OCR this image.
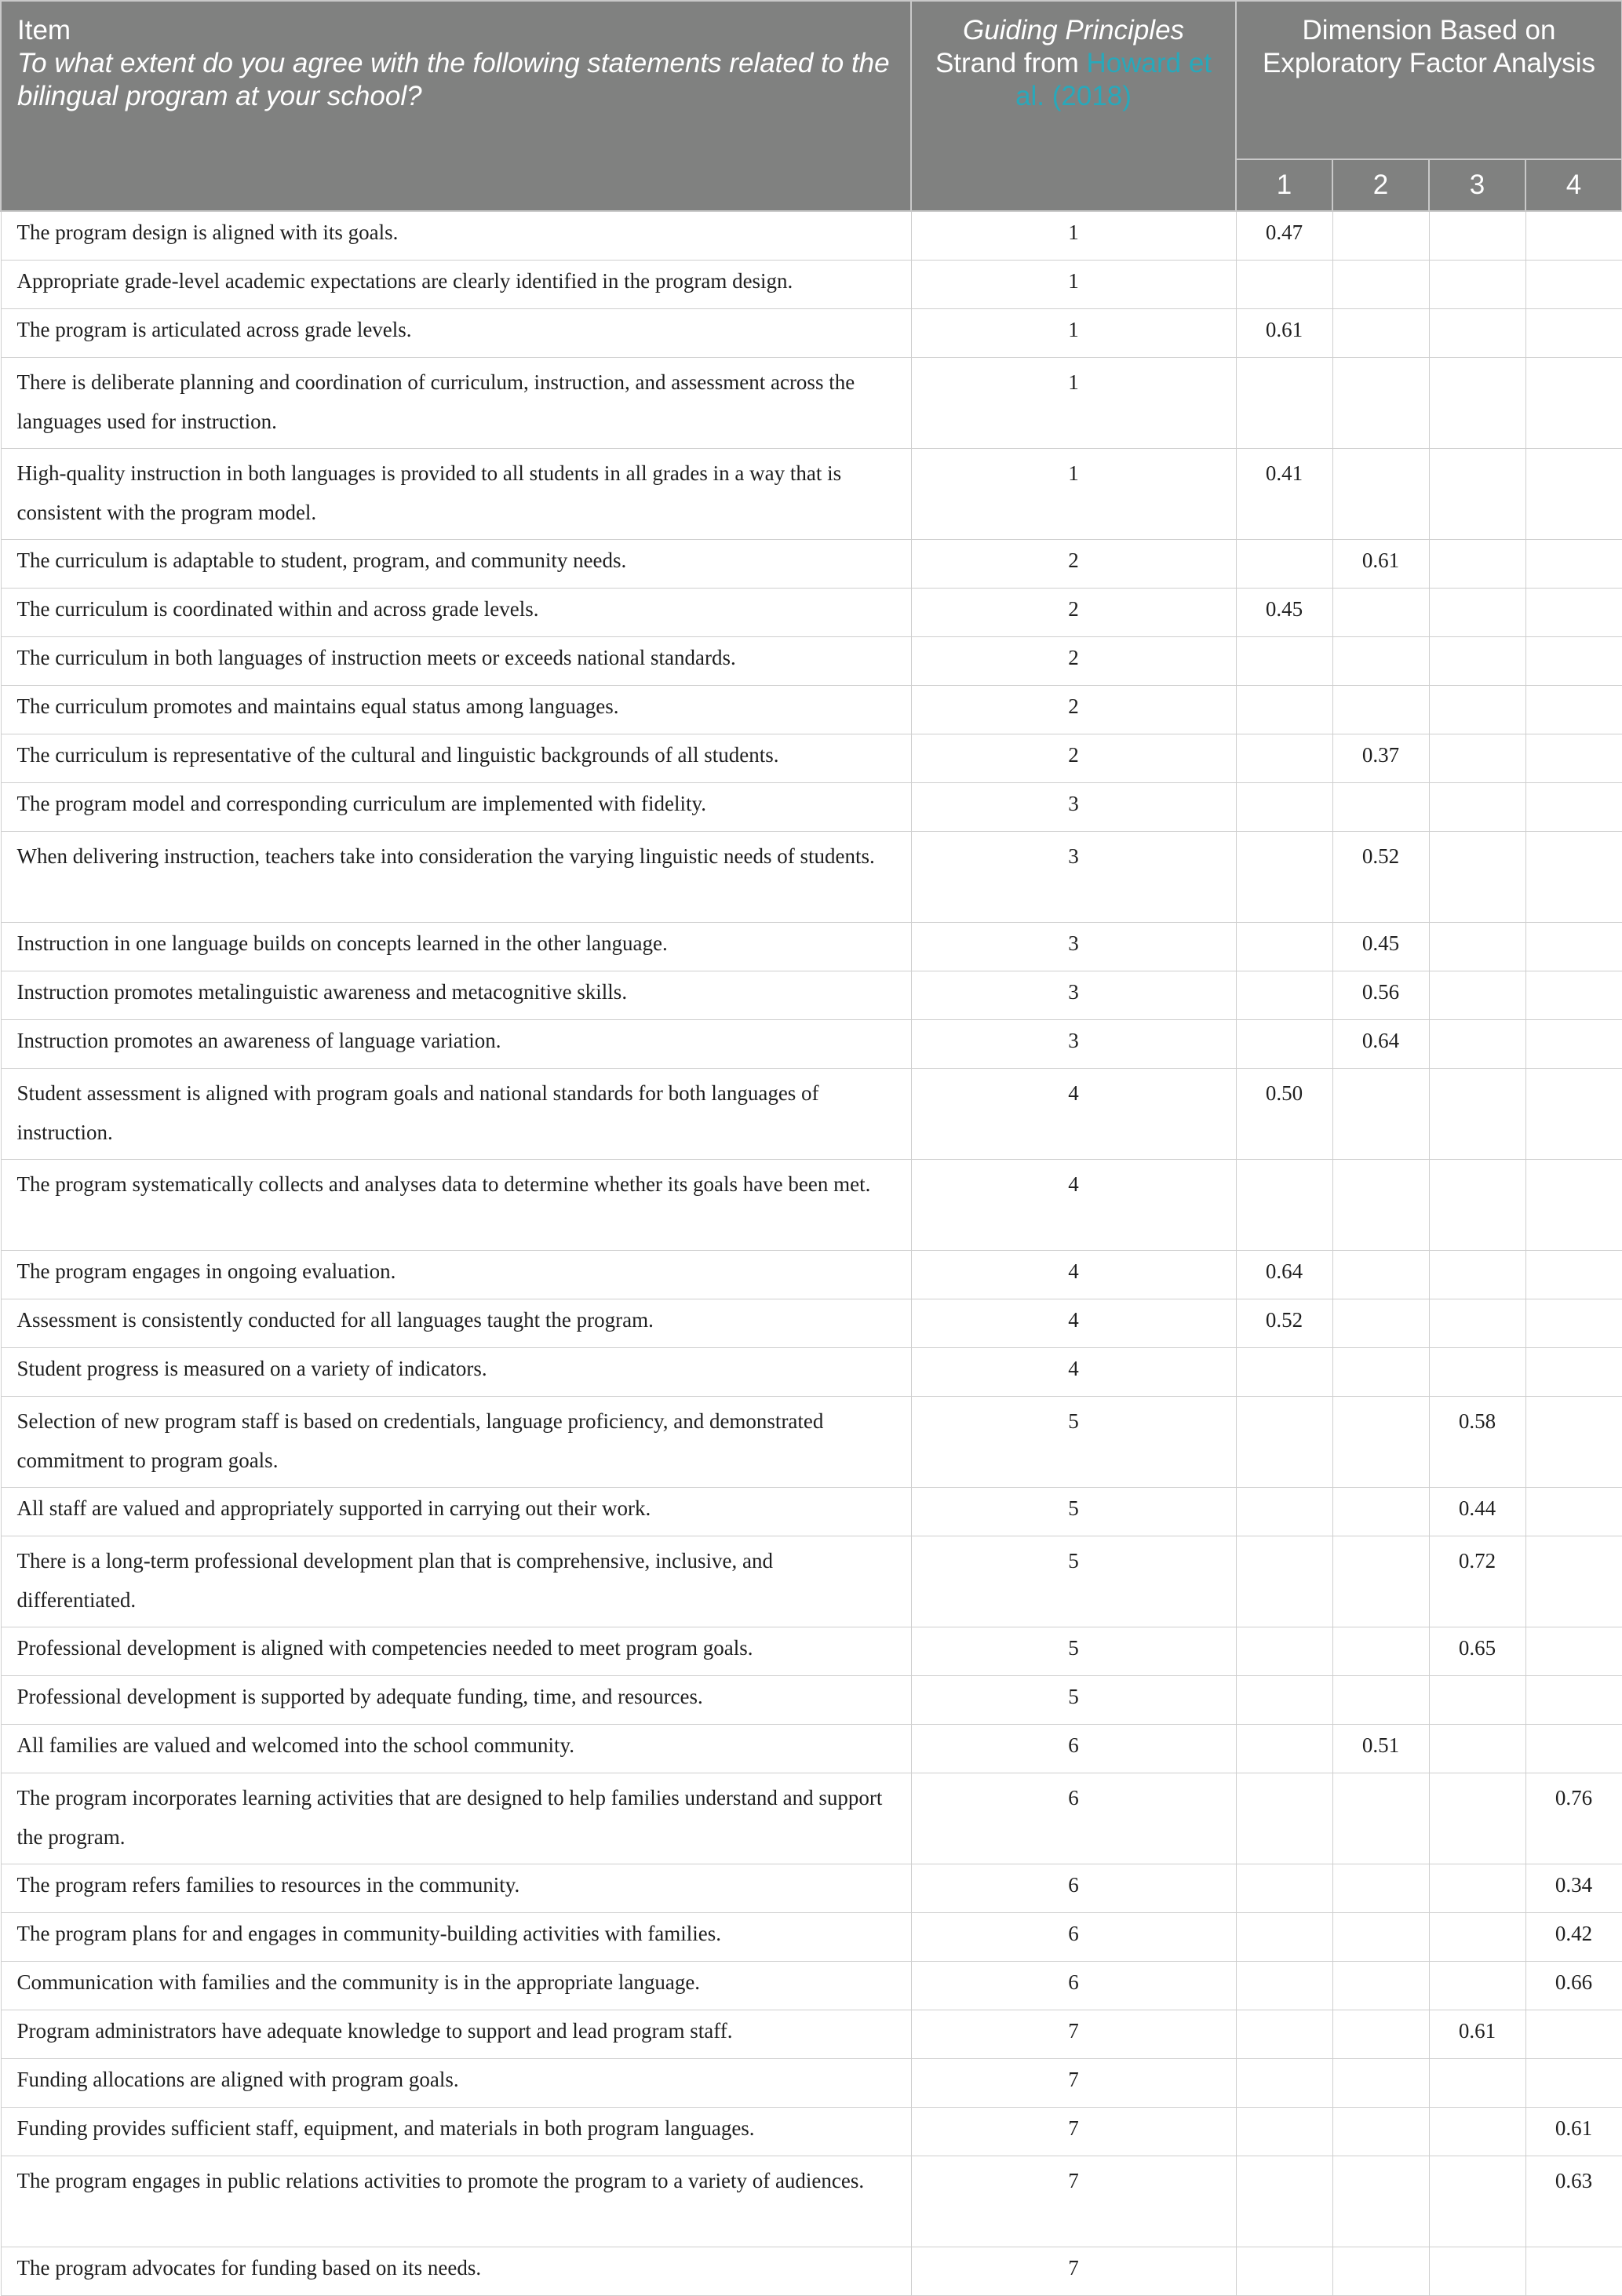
Item
To what extent do you agree with the following statements related to the bilingual program at your school?	Guiding Principles
Strand from Howard et al. (2018)	Dimension Based on Exploratory Factor Analysis			
		1	2	3	4
The program design is aligned with its goals.	1	0.47			
Appropriate grade-level academic expectations are clearly identified in the program design.	1				
The program is articulated across grade levels.	1	0.61			
There is deliberate planning and coordination of curriculum, instruction, and assessment across the languages used for instruction.	1				
High-quality instruction in both languages is provided to all students in all grades in a way that is consistent with the program model.	1	0.41			
The curriculum is adaptable to student, program, and community needs.	2		0.61		
The curriculum is coordinated within and across grade levels.	2	0.45			
The curriculum in both languages of instruction meets or exceeds national standards.	2				
The curriculum promotes and maintains equal status among languages.	2				
The curriculum is representative of the cultural and linguistic backgrounds of all students.	2		0.37		
The program model and corresponding curriculum are implemented with fidelity.	3				
When delivering instruction, teachers take into consideration the varying linguistic needs of students.	3		0.52		
Instruction in one language builds on concepts learned in the other language.	3		0.45		
Instruction promotes metalinguistic awareness and metacognitive skills.	3		0.56		
Instruction promotes an awareness of language variation.	3		0.64		
Student assessment is aligned with program goals and national standards for both languages of instruction.	4	0.50			
The program systematically collects and analyses data to determine whether its goals have been met.	4				
The program engages in ongoing evaluation.	4	0.64			
Assessment is consistently conducted for all languages taught the program.	4	0.52			
Student progress is measured on a variety of indicators.	4				
Selection of new program staff is based on credentials, language proficiency, and demonstrated commitment to program goals.	5			0.58	
All staff are valued and appropriately supported in carrying out their work.	5			0.44	
There is a long-term professional development plan that is comprehensive, inclusive, and differentiated.	5			0.72	
Professional development is aligned with competencies needed to meet program goals.	5			0.65	
Professional development is supported by adequate funding, time, and resources.	5				
All families are valued and welcomed into the school community.	6		0.51		
The program incorporates learning activities that are designed to help families understand and support the program.	6				0.76
The program refers families to resources in the community.	6				0.34
The program plans for and engages in community-building activities with families.	6				0.42
Communication with families and the community is in the appropriate language.	6				0.66
Program administrators have adequate knowledge to support and lead program staff.	7			0.61	
Funding allocations are aligned with program goals.	7				
Funding provides sufficient staff, equipment, and materials in both program languages.	7				0.61
The program engages in public relations activities to promote the program to a variety of audiences.	7				0.63
The program advocates for funding based on its needs.	7				
